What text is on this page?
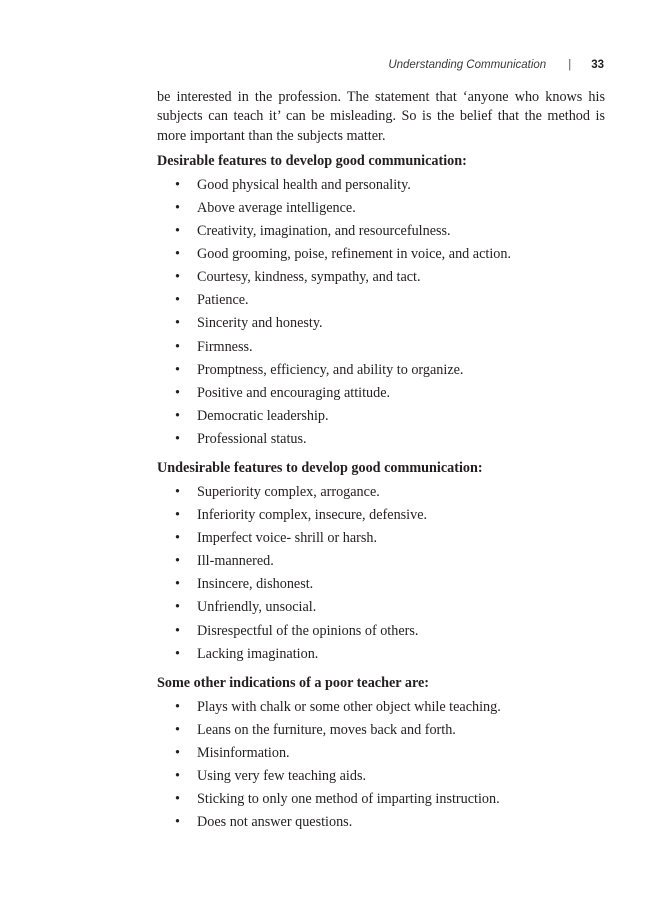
Understanding Communication | 33

be interested in the profession. The statement that ‘anyone who knows his subjects can teach it’ can be misleading. So is the belief that the method is more important than the subjects matter.

Desirable features to develop good communication:

• Good physical health and personality.
• Above average intelligence.
• Creativity, imagination, and resourcefulness.
• Good grooming, poise, refinement in voice, and action.
• Courtesy, kindness, sympathy, and tact.
• Patience.
• Sincerity and honesty.
• Firmness.
• Promptness, efficiency, and ability to organize.
• Positive and encouraging attitude.
• Democratic leadership.
• Professional status.

Undesirable features to develop good communication:

• Superiority complex, arrogance.
• Inferiority complex, insecure, defensive.
• Imperfect voice- shrill or harsh.
• Ill-mannered.
• Insincere, dishonest.
• Unfriendly, unsocial.
• Disrespectful of the opinions of others.
• Lacking imagination.

Some other indications of a poor teacher are:

• Plays with chalk or some other object while teaching.
• Leans on the furniture, moves back and forth.
• Misinformation.
• Using very few teaching aids.
• Sticking to only one method of imparting instruction.
• Does not answer questions.
